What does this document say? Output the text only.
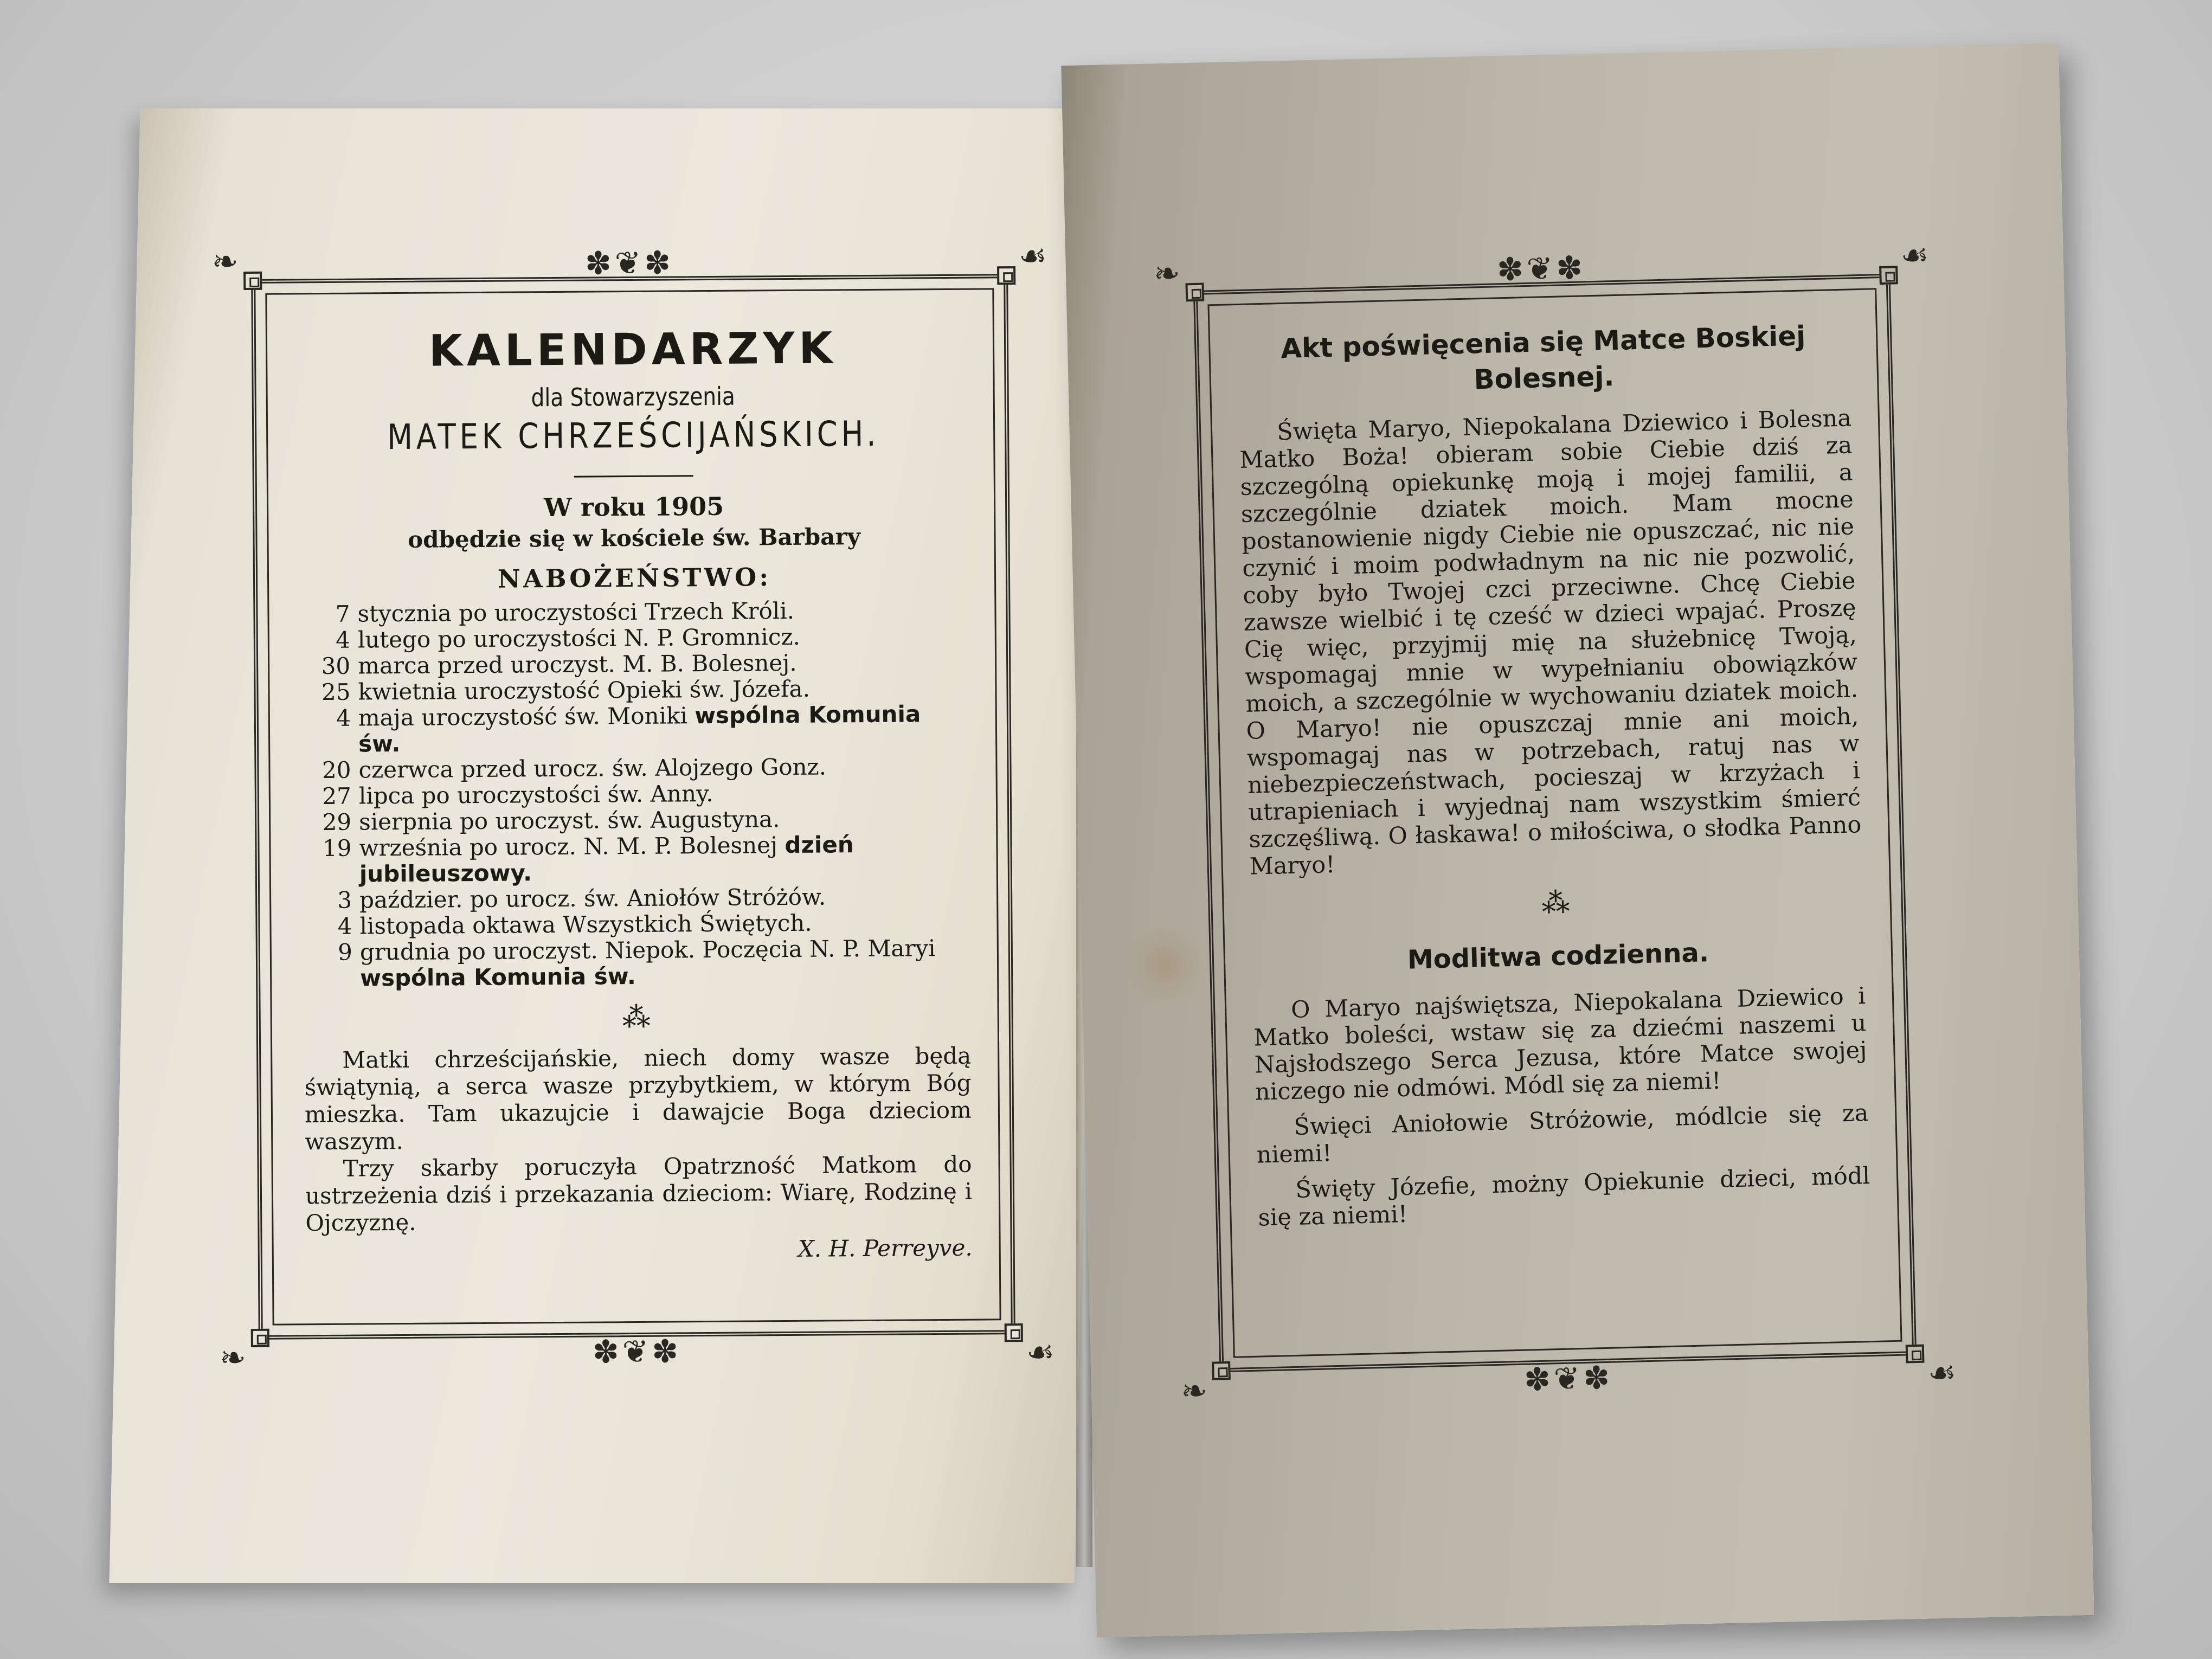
✽❦✽
✽❦✽
❧	☙
❧	☙
KALENDARZYK
dla Stowarzyszenia
MATEK CHRZEŚCIJAŃSKICH.
W roku 1905
odbędzie się w kościele św. Barbary
NABOŻEŃSTWO:
7 stycznia po uroczystości Trzech Króli.
4 lutego po uroczystości N. P. Gromnicz.
30 marca przed uroczyst. M. B. Bolesnej.
25 kwietnia uroczystość Opieki św. Józefa.
4 maja uroczystość św. Moniki wspólna Komunia św.
20 czerwca przed urocz. św. Alojzego Gonz.
27 lipca po uroczystości św. Anny.
29 sierpnia po uroczyst. św. Augustyna.
19 września po urocz. N. M. P. Bolesnej dzień jubileuszowy.
3 paździer. po urocz. św. Aniołów Stróżów.
4 listopada oktawa Wszystkich Świętych.
9 grudnia po uroczyst. Niepok. Poczęcia N. P. Maryi wspólna Komunia św.
⁂
Matki chrześcijańskie, niech domy wasze będą świątynią, a serca wasze przybytkiem, w którym Bóg mieszka. Tam ukazujcie i dawajcie Boga dzieciom waszym.
Trzy skarby poruczyła Opatrzność Matkom do ustrzeżenia dziś i przekazania dzieciom: Wiarę, Rodzinę i Ojczyznę.
X. H. Perreyve.
✽❦✽
✽❦✽
❧	☙
❧	☙
Akt poświęcenia się Matce Boskiej Bolesnej.
Święta Maryo, Niepokalana Dziewico i Bolesna Matko Boża! obieram sobie Ciebie dziś za szczególną opiekunkę moją i mojej familii, a szczególnie dziatek moich. Mam mocne postanowienie nigdy Ciebie nie opuszczać, nic nie czynić i moim podwładnym na nic nie pozwolić, coby było Twojej czci przeciwne. Chcę Ciebie zawsze wielbić i tę cześć w dzieci wpajać. Proszę Cię więc, przyjmij mię na służebnicę Twoją, wspomagaj mnie w wypełnianiu obowiązków moich, a szczególnie w wychowaniu dziatek moich. O Maryo! nie opuszczaj mnie ani moich, wspomagaj nas w potrzebach, ratuj nas w niebezpieczeństwach, pocieszaj w krzyżach i utrapieniach i wyjednaj nam wszystkim śmierć szczęśliwą. O łaskawa! o miłościwa, o słodka Panno Maryo!
⁂
Modlitwa codzienna.
O Maryo najświętsza, Niepokalana Dziewico i Matko boleści, wstaw się za dziećmi naszemi u Najsłodszego Serca Jezusa, które Matce swojej niczego nie odmówi. Módl się za niemi!
Święci Aniołowie Stróżowie, módlcie się za niemi!
Święty Józefie, możny Opiekunie dzieci, módl się za niemi!
